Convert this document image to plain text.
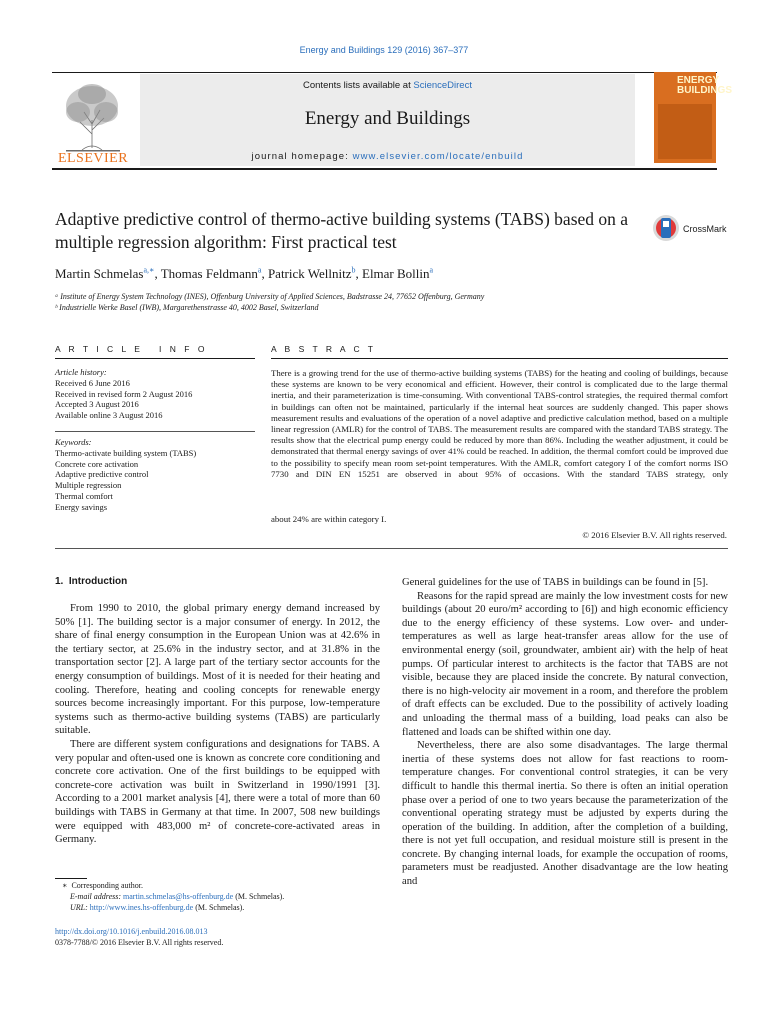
Energy and Buildings 129 (2016) 367–377
ELSEVIER
Contents lists available at ScienceDirect
Energy and Buildings
journal homepage: www.elsevier.com/locate/enbuild
ENERGY BUILDINGS
Adaptive predictive control of thermo-active building systems (TABS) based on a multiple regression algorithm: First practical test
CrossMark
Martin Schmelas$^{a,∗}$, Thomas Feldmann$^a$, Patrick Wellnitz$^b$, Elmar Bollin$^a$
ᵃ Institute of Energy System Technology (INES), Offenburg University of Applied Sciences, Badstrasse 24, 77652 Offenburg, Germany
ᵇ Industrielle Werke Basel (IWB), Margarethenstrasse 40, 4002 Basel, Switzerland
A R T I C L E   I N F O
Article history:
Received 6 June 2016
Received in revised form 2 August 2016
Accepted 3 August 2016
Available online 3 August 2016
Keywords:
Thermo-activate building system (TABS)
Concrete core activation
Adaptive predictive control
Multiple regression
Thermal comfort
Energy savings
A B S T R A C T
There is a growing trend for the use of thermo-active building systems (TABS) for the heating and cooling of buildings, because these systems are known to be very economical and efficient. However, their control is complicated due to the large thermal inertia, and their parameterization is time-consuming. With conventional TABS-control strategies, the required thermal comfort in buildings can often not be maintained, particularly if the internal heat sources are suddenly changed. This paper shows measurement results and evaluations of the operation of a novel adaptive and predictive calculation method, based on a multiple linear regression (AMLR) for the control of TABS. The measurement results are compared with the standard TABS strategy. The results show that the electrical pump energy could be reduced by more than 86%. Including the weather adjustment, it could be demonstrated that thermal energy savings of over 41% could be reached. In addition, the thermal comfort could be improved due to the possibility to specify mean room set-point temperatures. With the AMLR, comfort category I of the comfort norms ISO 7730 and DIN EN 15251 are observed in about 95% of occasions. With the standard TABS strategy, only
about 24% are within category I.
© 2016 Elsevier B.V. All rights reserved.
1.  Introduction

From 1990 to 2010, the global primary energy demand increased by 50% [1]. The building sector is a major consumer of energy. In 2012, the share of final energy consumption in the European Union was at 42.6% in the tertiary sector, at 25.6% in the industry sector, and at 31.8% in the transportation sector [2]. A large part of the tertiary sector accounts for the energy consumption of buildings. Most of it is needed for their heating and cooling. Therefore, heating and cooling concepts for renewable energy sources become increasingly important. For this purpose, low-temperature systems such as thermo-active building systems (TABS) are particularly suitable.

There are different system configurations and designations for TABS. A very popular and often-used one is known as concrete core conditioning and concrete core activation. One of the first buildings to be equipped with concrete-core activation was built in Switzerland in 1990/1991 [3]. According to a 2001 market analysis [4], there were a total of more than 60 buildings with TABS in Germany at that time. In 2007, 508 new buildings were equipped with 483,000 m² of concrete-core-activated areas in Germany.

General guidelines for the use of TABS in buildings can be found in [5].

Reasons for the rapid spread are mainly the low investment costs for new buildings (about 20 euro/m² according to [6]) and high economic efficiency due to the energy efficiency of these systems. Low over- and under-temperatures as well as large heat-transfer areas allow for the use of environmental energy (soil, groundwater, ambient air) with the help of heat pumps. Of particular interest to architects is the factor that TABS are not visible, because they are placed inside the concrete. By natural convection, there is no high-velocity air movement in a room, and therefore the problem of draft effects can be excluded. Due to the possibility of actively loading and unloading the thermal mass of a building, load peaks can also be flattened and loads can be shifted within one day.

Nevertheless, there are also some disadvantages. The large thermal inertia of these systems does not allow for fast reactions to room-temperature changes. For conventional control strategies, it can be very difficult to handle this thermal inertia. So there is often an initial operation phase over a period of one to two years because the parameterization of the conventional operating strategy must be adjusted by experts during the operation of the building. In addition, after the completion of a building, there is not yet full occupation, and residual moisture still is present in the concrete. By changing internal loads, for example the occupation of rooms, parameters must be readjusted. Another disadvantage are the low heating and

∗  Corresponding author.
E-mail address: martin.schmelas@hs-offenburg.de (M. Schmelas).
URL: http://www.ines.hs-offenburg.de (M. Schmelas).
http://dx.doi.org/10.1016/j.enbuild.2016.08.013
0378-7788/© 2016 Elsevier B.V. All rights reserved.
